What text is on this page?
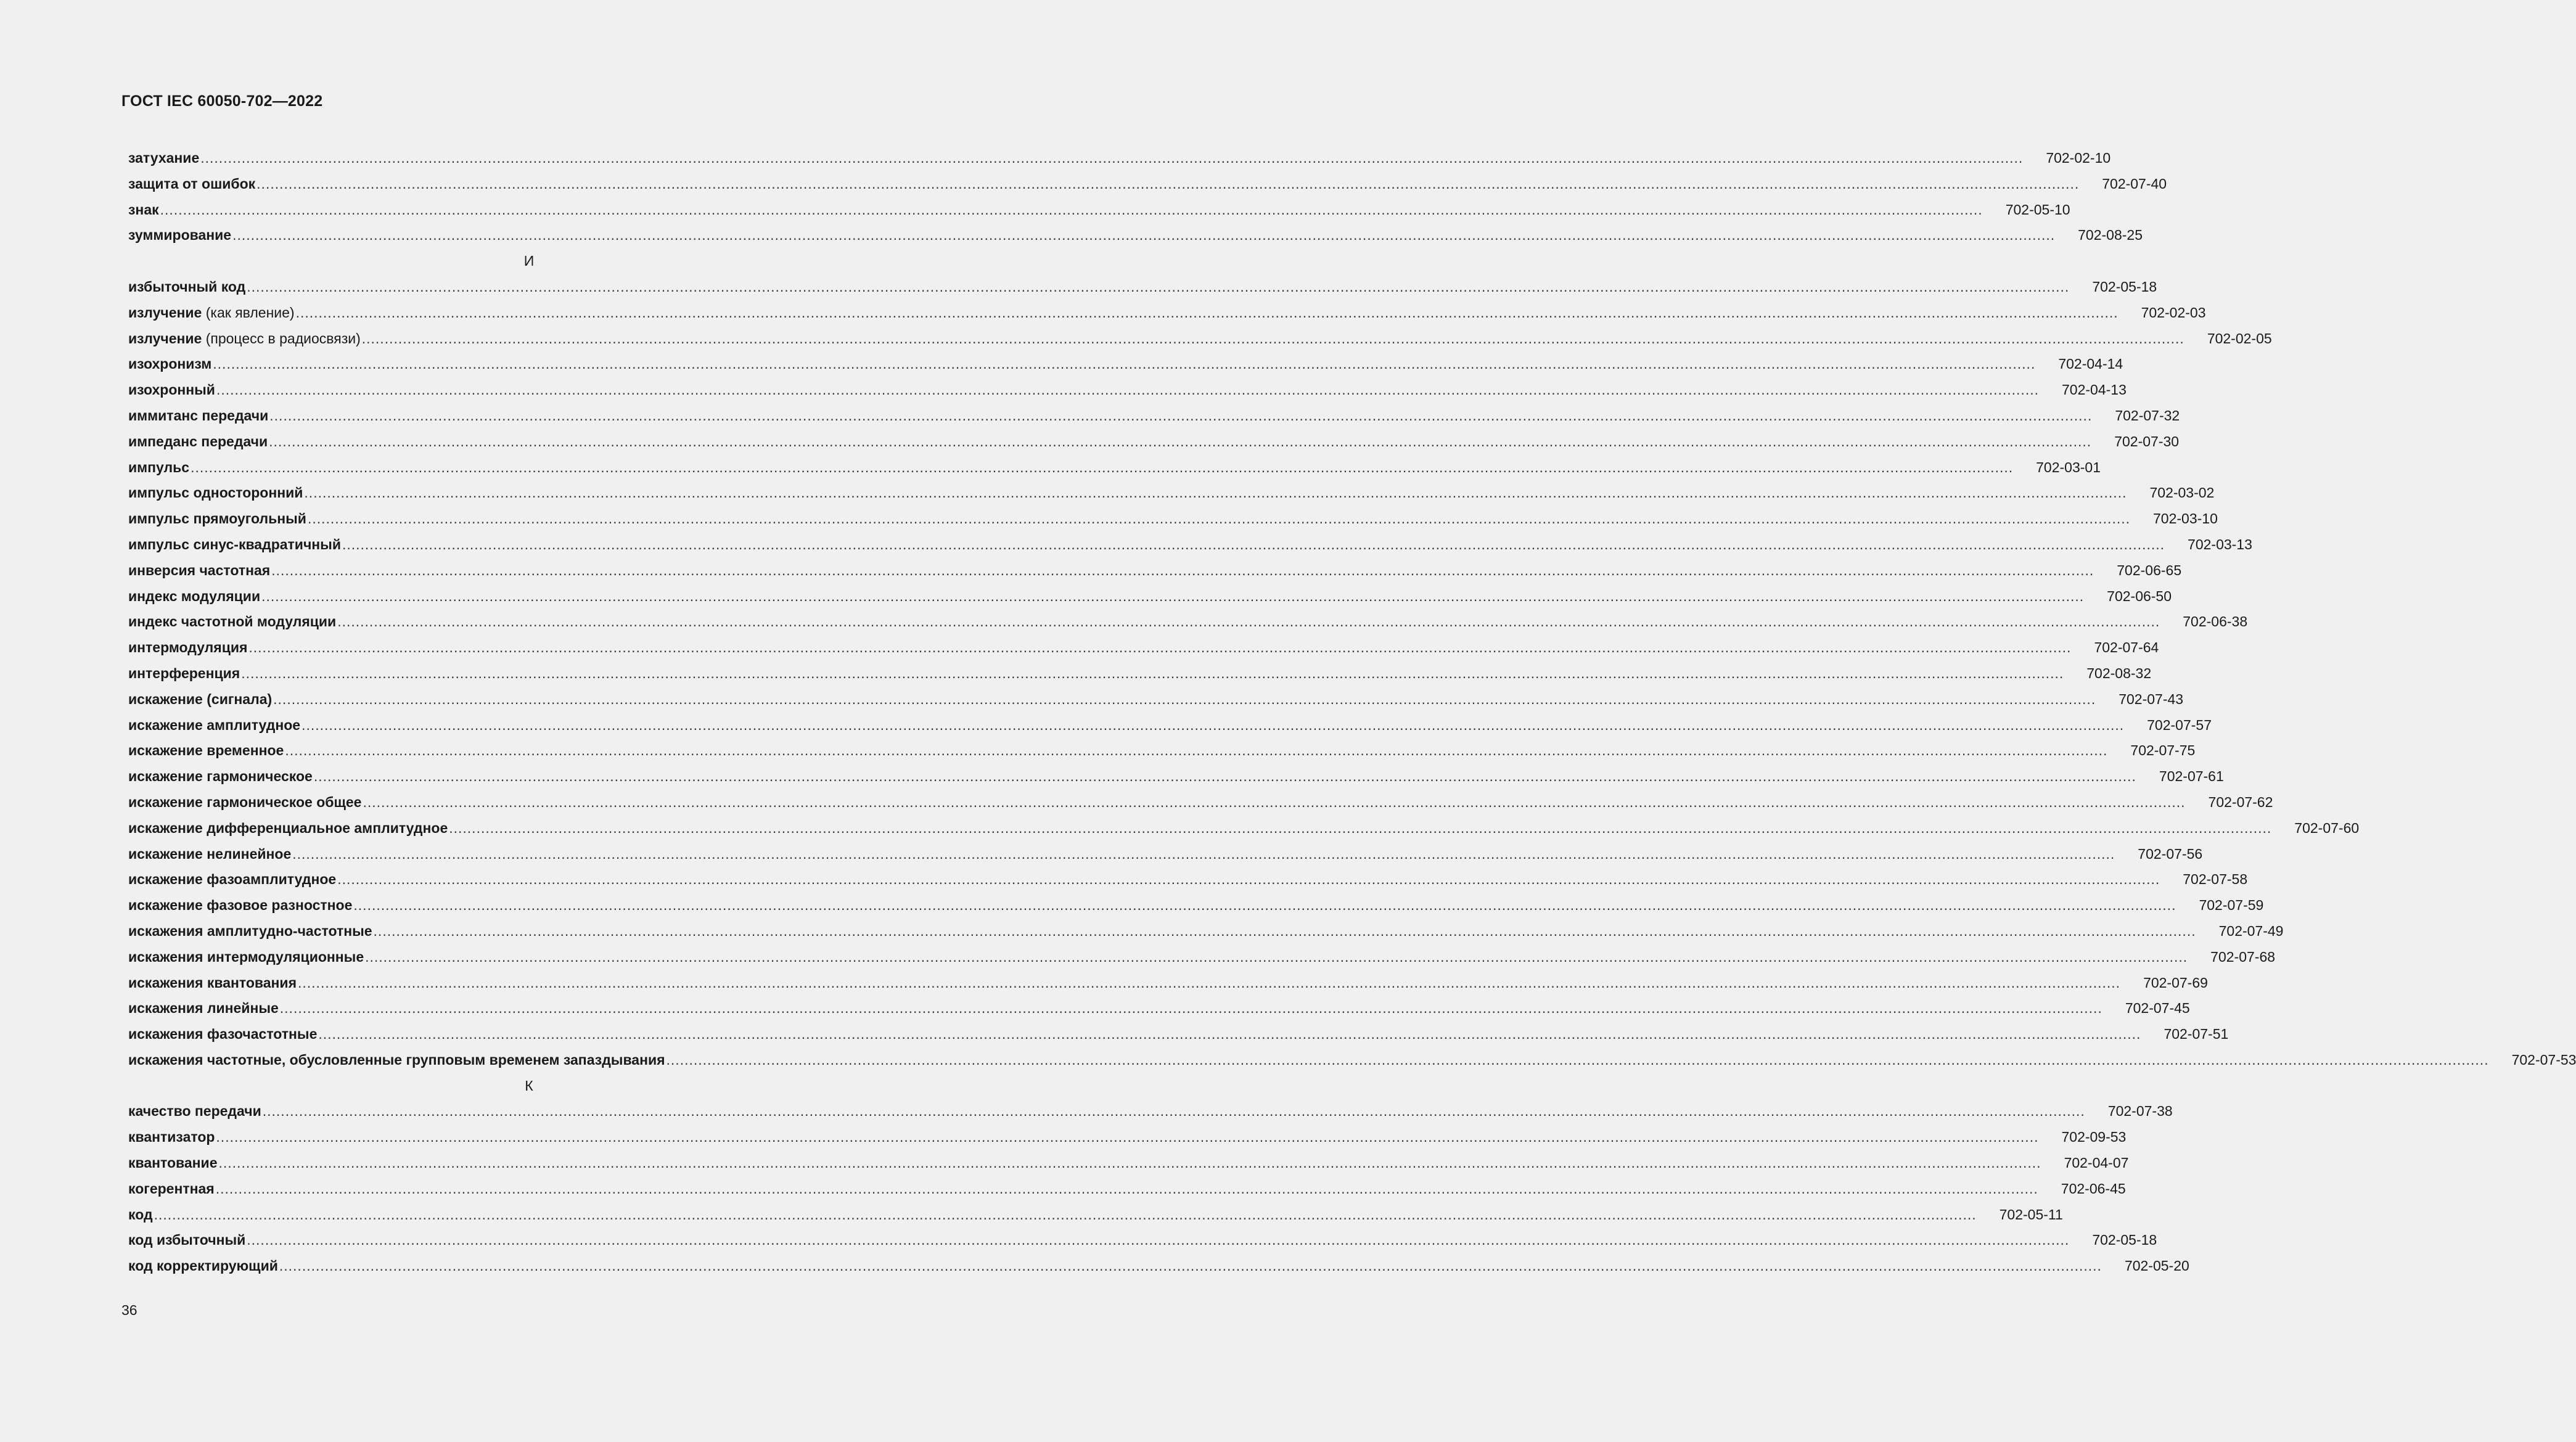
ГОСТ IEC 60050-702—2022
затухание ................................................................................................................................................................................................................................................................................................................................................................................................................ 702-02-10
защита от ошибок ................................................................................................................................................................................................................................................................................................................................................................................................................ 702-07-40
знак ................................................................................................................................................................................................................................................................................................................................................................................................................ 702-05-10
зуммирование ................................................................................................................................................................................................................................................................................................................................................................................................................ 702-08-25
И
избыточный код ................................................................................................................................................................................................................................................................................................................................................................................................................ 702-05-18
излучение (как явление) ................................................................................................................................................................................................................................................................................................................................................................................................................ 702-02-03
излучение (процесс в радиосвязи) ................................................................................................................................................................................................................................................................................................................................................................................................................ 702-02-05
изохронизм ................................................................................................................................................................................................................................................................................................................................................................................................................ 702-04-14
изохронный ................................................................................................................................................................................................................................................................................................................................................................................................................ 702-04-13
иммитанс передачи ................................................................................................................................................................................................................................................................................................................................................................................................................ 702-07-32
импеданс передачи ................................................................................................................................................................................................................................................................................................................................................................................................................ 702-07-30
импульс ................................................................................................................................................................................................................................................................................................................................................................................................................ 702-03-01
импульс односторонний ................................................................................................................................................................................................................................................................................................................................................................................................................ 702-03-02
импульс прямоугольный ................................................................................................................................................................................................................................................................................................................................................................................................................ 702-03-10
импульс синус-квадратичный ................................................................................................................................................................................................................................................................................................................................................................................................................ 702-03-13
инверсия частотная ................................................................................................................................................................................................................................................................................................................................................................................................................ 702-06-65
индекс модуляции ................................................................................................................................................................................................................................................................................................................................................................................................................ 702-06-50
индекс частотной модуляции ................................................................................................................................................................................................................................................................................................................................................................................................................ 702-06-38
интермодуляция ................................................................................................................................................................................................................................................................................................................................................................................................................ 702-07-64
интерференция ................................................................................................................................................................................................................................................................................................................................................................................................................ 702-08-32
искажение (сигнала) ................................................................................................................................................................................................................................................................................................................................................................................................................ 702-07-43
искажение амплитудное ................................................................................................................................................................................................................................................................................................................................................................................................................ 702-07-57
искажение временное ................................................................................................................................................................................................................................................................................................................................................................................................................ 702-07-75
искажение гармоническое ................................................................................................................................................................................................................................................................................................................................................................................................................ 702-07-61
искажение гармоническое общее ................................................................................................................................................................................................................................................................................................................................................................................................................ 702-07-62
искажение дифференциальное амплитудное ................................................................................................................................................................................................................................................................................................................................................................................................................ 702-07-60
искажение нелинейное ................................................................................................................................................................................................................................................................................................................................................................................................................ 702-07-56
искажение фазоамплитудное ................................................................................................................................................................................................................................................................................................................................................................................................................ 702-07-58
искажение фазовое разностное ................................................................................................................................................................................................................................................................................................................................................................................................................ 702-07-59
искажения амплитудно-частотные ................................................................................................................................................................................................................................................................................................................................................................................................................ 702-07-49
искажения интермодуляционные ................................................................................................................................................................................................................................................................................................................................................................................................................ 702-07-68
искажения квантования ................................................................................................................................................................................................................................................................................................................................................................................................................ 702-07-69
искажения линейные ................................................................................................................................................................................................................................................................................................................................................................................................................ 702-07-45
искажения фазочастотные ................................................................................................................................................................................................................................................................................................................................................................................................................ 702-07-51
искажения частотные, обусловленные групповым временем запаздывания ................................................................................................................................................................................................................................................................................................................................................................................................................ 702-07-53
К
качество передачи ................................................................................................................................................................................................................................................................................................................................................................................................................ 702-07-38
квантизатор ................................................................................................................................................................................................................................................................................................................................................................................................................ 702-09-53
квантование ................................................................................................................................................................................................................................................................................................................................................................................................................ 702-04-07
когерентная ................................................................................................................................................................................................................................................................................................................................................................................................................ 702-06-45
код ................................................................................................................................................................................................................................................................................................................................................................................................................ 702-05-11
код избыточный ................................................................................................................................................................................................................................................................................................................................................................................................................ 702-05-18
код корректирующий ................................................................................................................................................................................................................................................................................................................................................................................................................ 702-05-20
36
